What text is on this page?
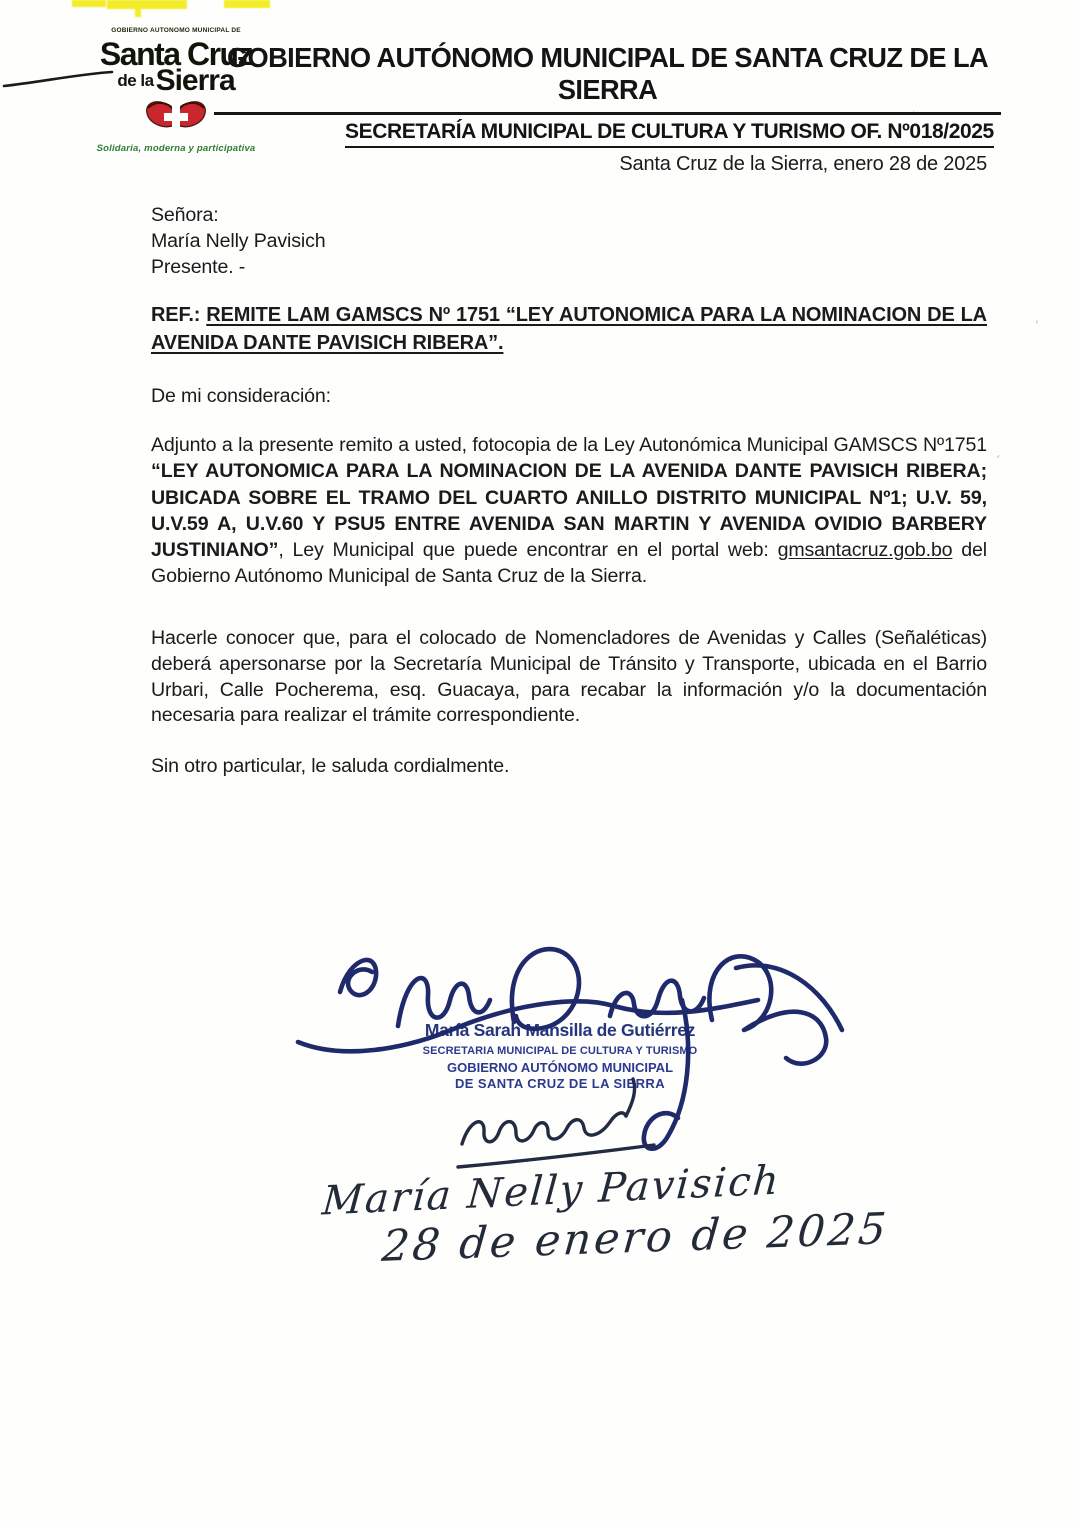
GOBIERNO AUTONOMO MUNICIPAL DE
Santa Cruz
de laSierra
Solidaria, moderna y participativa
GOBIERNO AUTÓNOMO MUNICIPAL DE SANTA CRUZ DE LA SIERRA
SECRETARÍA MUNICIPAL DE CULTURA Y TURISMO OF. Nº018/2025
Santa Cruz de la Sierra, enero 28 de 2025
Señora:
María Nelly Pavisich
Presente. -
REF.: REMITE LAM GAMSCS Nº 1751 “LEY AUTONOMICA PARA LA NOMINACION DE LA AVENIDA DANTE PAVISICH RIBERA”.
De mi consideración:
Adjunto a la presente remito a usted, fotocopia de la Ley Autonómica Municipal GAMSCS Nº1751 “LEY AUTONOMICA PARA LA NOMINACION DE LA AVENIDA DANTE PAVISICH RIBERA; UBICADA SOBRE EL TRAMO DEL CUARTO ANILLO DISTRITO MUNICIPAL Nº1; U.V. 59, U.V.59 A, U.V.60 Y PSU5 ENTRE AVENIDA SAN MARTIN Y AVENIDA OVIDIO BARBERY JUSTINIANO”, Ley Municipal que puede encontrar en el portal web: gmsantacruz.gob.bo del Gobierno Autónomo Municipal de Santa Cruz de la Sierra.
Hacerle conocer que, para el colocado de Nomencladores de Avenidas y Calles (Señaléticas) deberá apersonarse por la Secretaría Municipal de Tránsito y Transporte, ubicada en el Barrio Urbari, Calle Pocherema, esq. Guacaya, para recabar la información y/o la documentación necesaria para realizar el trámite correspondiente.
Sin otro particular, le saluda cordialmente.
María Sarah Mansilla de Gutiérrez
SECRETARIA MUNICIPAL DE CULTURA Y TURISMO
GOBIERNO AUTÓNOMO MUNICIPAL
DE SANTA CRUZ DE LA SIERRA
María Nelly Pavisich
28 de enero de 2025
'
,
.
